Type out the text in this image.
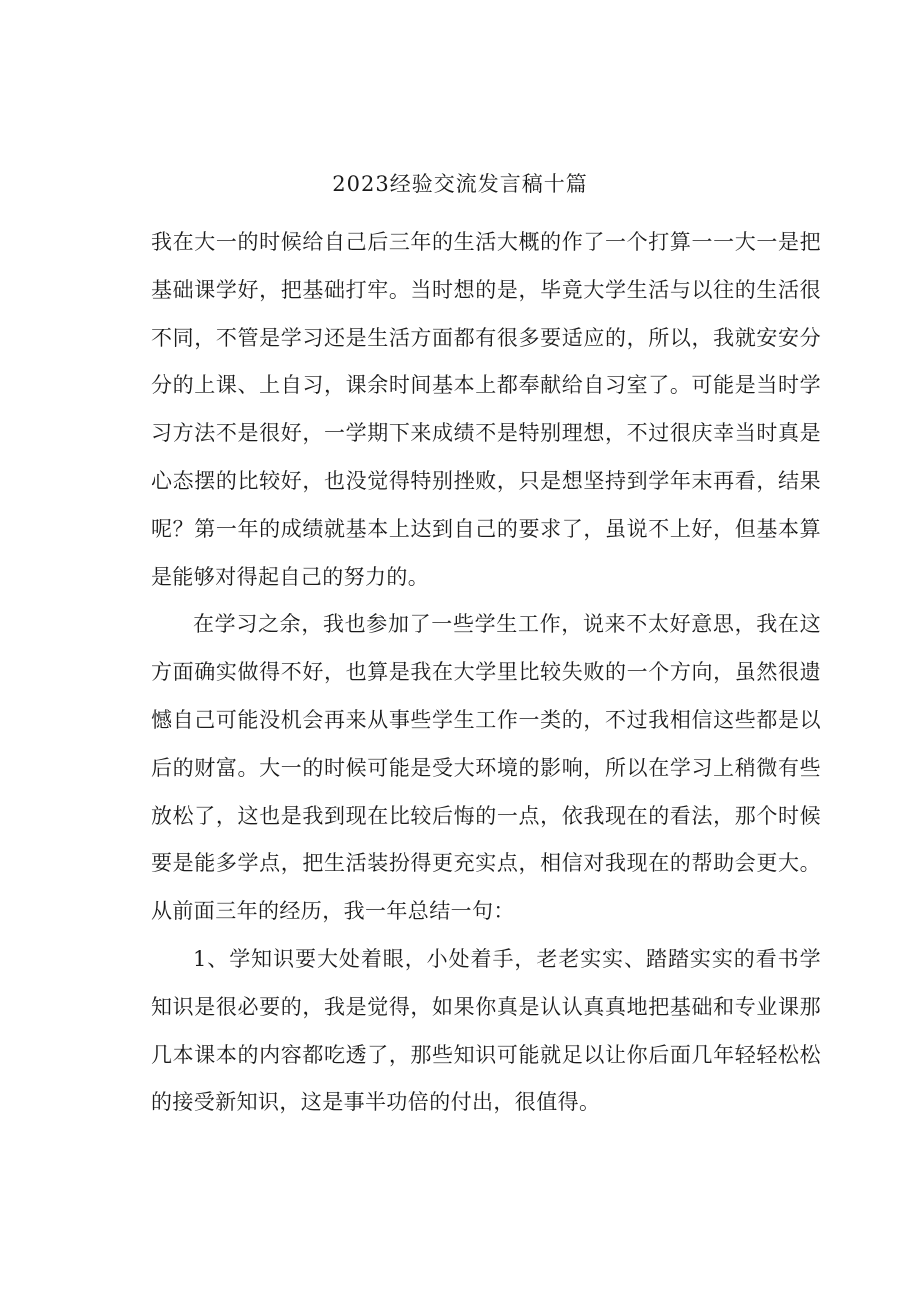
2023经验交流发言稿十篇

我在大一的时候给自己后三年的生活大概的作了一个打算一一大一是把基础课学好，把基础打牢。当时想的是，毕竟大学生活与以往的生活很不同，不管是学习还是生活方面都有很多要适应的，所以，我就安安分分的上课、上自习，课余时间基本上都奉献给自习室了。可能是当时学习方法不是很好，一学期下来成绩不是特别理想，不过很庆幸当时真是心态摆的比较好，也没觉得特别挫败，只是想坚持到学年末再看，结果呢？第一年的成绩就基本上达到自己的要求了，虽说不上好，但基本算是能够对得起自己的努力的。

在学习之余，我也参加了一些学生工作，说来不太好意思，我在这方面确实做得不好，也算是我在大学里比较失败的一个方向，虽然很遗憾自己可能没机会再来从事些学生工作一类的，不过我相信这些都是以后的财富。大一的时候可能是受大环境的影响，所以在学习上稍微有些放松了，这也是我到现在比较后悔的一点，依我现在的看法，那个时候要是能多学点，把生活装扮得更充实点，相信对我现在的帮助会更大。从前面三年的经历，我一年总结一句：

1、学知识要大处着眼，小处着手，老老实实、踏踏实实的看书学知识是很必要的，我是觉得，如果你真是认认真真地把基础和专业课那几本课本的内容都吃透了，那些知识可能就足以让你后面几年轻轻松松的接受新知识，这是事半功倍的付出，很值得。
